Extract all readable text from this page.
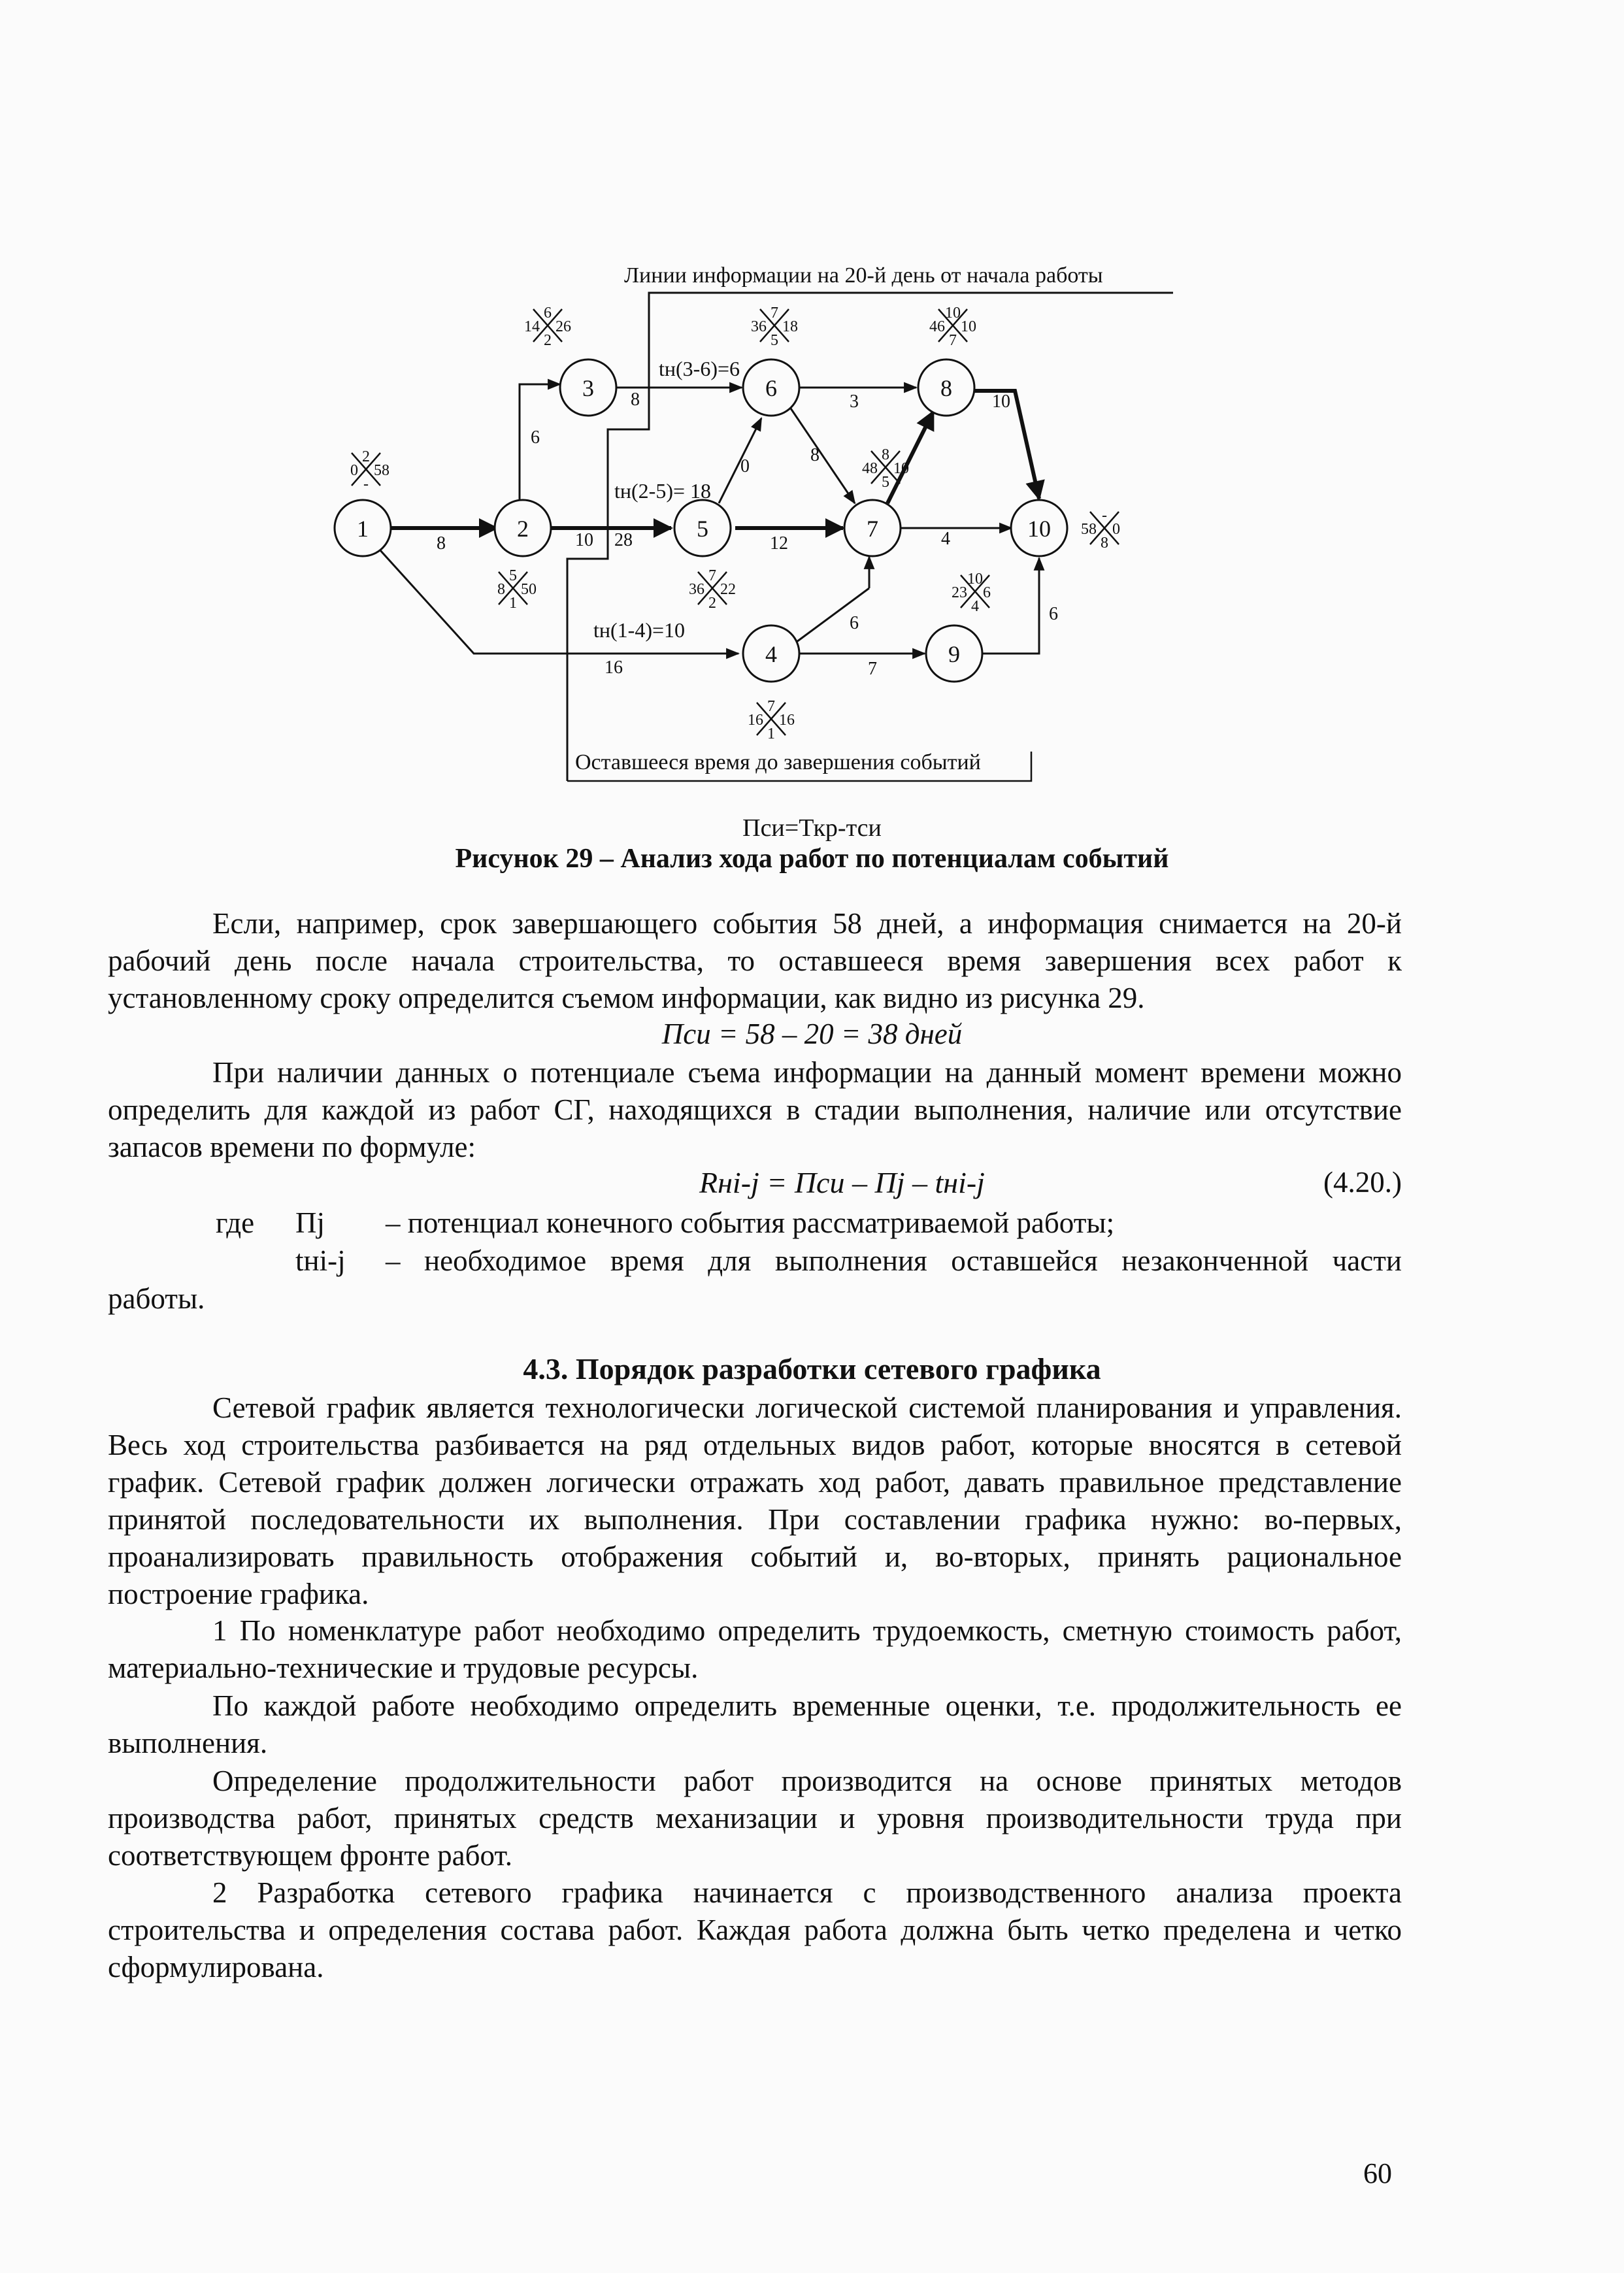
Линии информации на 20-й день от начала работы
Оставшееся время до завершения событий
1	2
3
4
5
6
7
8
9
10
8
6
10 28
8
0
3
8
10
12	4
16
6
7
6
tн(3-6)=6
tн(2-5)= 18
tн(1-4)=10
2
0 58
-
6
14 26
2
7
36 18
5
10
46 10
7
5
8 50
1
7
36 22
2
8
48 10
5
10
23 6
4
7
16 16
1
-
58 0
8
Пси=Ткр-тси
Рисунок 29 – Анализ хода работ по потенциалам событий
Если, например, срок завершающего события 58 дней, а информация снимается на 20-й рабочий день после начала строительства, то оставшееся время завершения всех работ к установленному сроку определится съемом информации, как видно из рисунка 29.
Пси = 58 – 20 = 38 дней
При наличии данных о потенциале съема информации на данный момент времени можно определить для каждой из работ СГ, находящихся в стадии выполнения, наличие или отсутствие запасов времени по формуле:
Rнi-j = Пси – Пj – tнi-j	(4.20.)
где Пj – потенциал конечного события рассматриваемой работы;
tнi-j – необходимое время для выполнения оставшейся незаконченной части
работы.
4.3. Порядок разработки сетевого графика
Сетевой график является технологически логической системой планирования и управления. Весь ход строительства разбивается на ряд отдельных видов работ, которые вносятся в сетевой график. Сетевой график должен логически отражать ход работ, давать правильное представление принятой последовательности их выполнения. При составлении графика нужно: во-первых, проанализировать правильность отображения событий и, во-вторых, принять рациональное построение графика.
1 По номенклатуре работ необходимо определить трудоемкость, сметную стоимость работ, материально-технические и трудовые ресурсы.
По каждой работе необходимо определить временные оценки, т.е. продолжительность ее выполнения.
Определение продолжительности работ производится на основе принятых методов производства работ, принятых средств механизации и уровня производительности труда при соответствующем фронте работ.
2 Разработка сетевого графика начинается с производственного анализа проекта строительства и определения состава работ. Каждая работа должна быть четко пределена и четко сформулирована.
60
